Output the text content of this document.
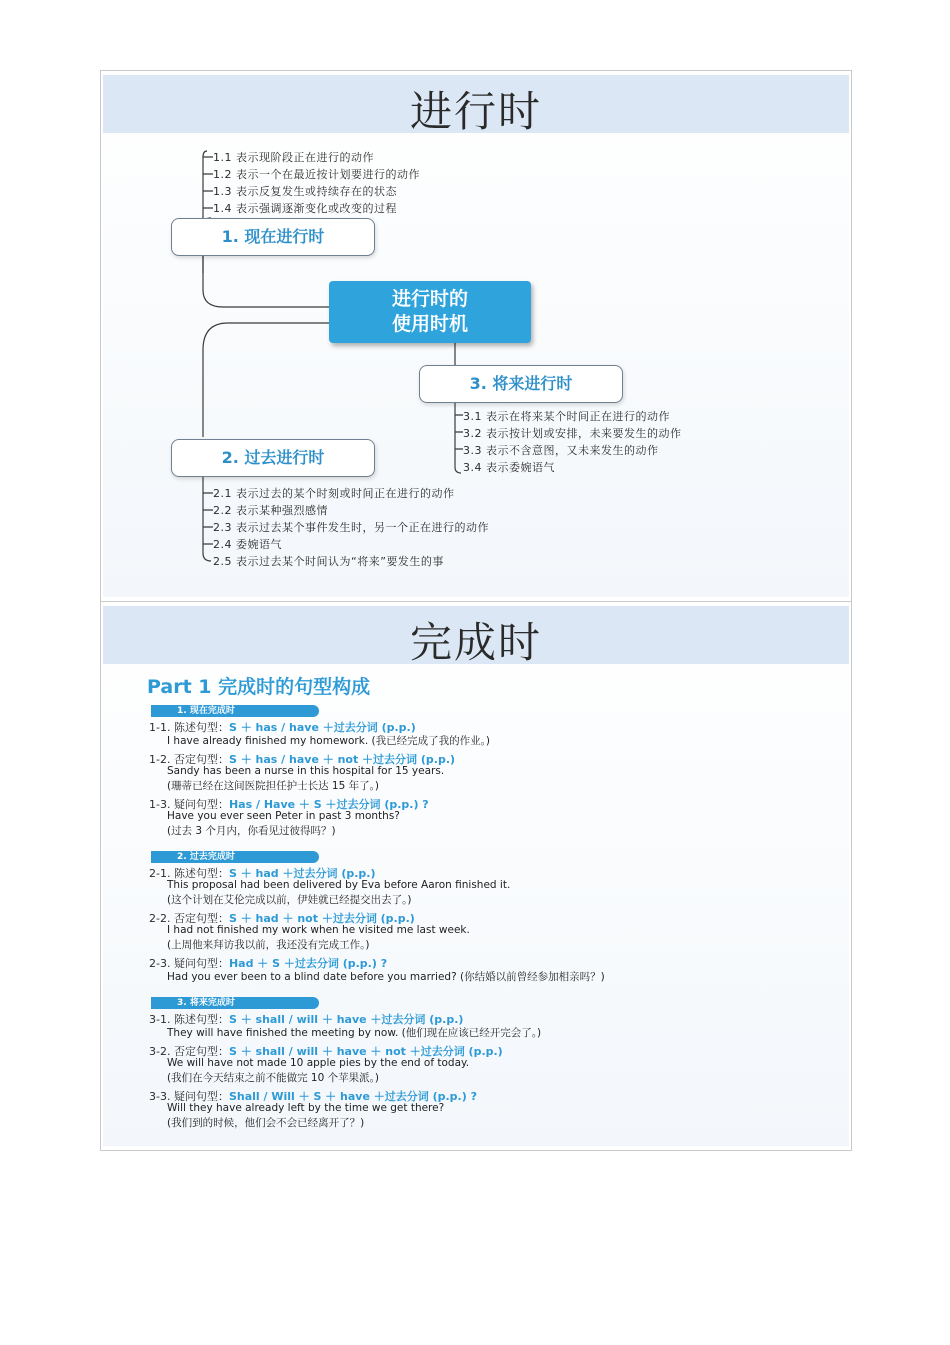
进行时
1.1 表示现阶段正在进行的动作
1.2 表示一个在最近按计划要进行的动作
1.3 表示反复发生或持续存在的状态
1.4 表示强调逐渐变化或改变的过程
1. 现在进行时
进行时的
使用时机
3. 将来进行时
3.1 表示在将来某个时间正在进行的动作
3.2 表示按计划或安排，未来要发生的动作
3.3 表示不含意图，又未来发生的动作
3.4 表示委婉语气
2. 过去进行时
2.1 表示过去的某个时刻或时间正在进行的动作
2.2 表示某种强烈感情
2.3 表示过去某个事件发生时，另一个正在进行的动作
2.4 委婉语气
2.5 表示过去某个时间认为“将来”要发生的事
完成时
Part 1 完成时的句型构成
1. 现在完成时
1-1. 陈述句型：S ＋ has / have ＋过去分词 (p.p.)
I have already finished my homework. (我已经完成了我的作业。)
1-2. 否定句型：S ＋ has / have ＋ not ＋过去分词 (p.p.)
Sandy has been a nurse in this hospital for 15 years.
(珊蒂已经在这间医院担任护士长达 15 年了。)
1-3. 疑问句型：Has / Have ＋ S ＋过去分词 (p.p.) ?
Have you ever seen Peter in past 3 months?
(过去 3 个月内，你看见过彼得吗？)
2. 过去完成时
2-1. 陈述句型：S ＋ had ＋过去分词 (p.p.)
This proposal had been delivered by Eva before Aaron finished it.
(这个计划在艾伦完成以前，伊娃就已经提交出去了。)
2-2. 否定句型：S ＋ had ＋ not ＋过去分词 (p.p.)
I had not finished my work when he visited me last week.
(上周他来拜访我以前，我还没有完成工作。)
2-3. 疑问句型：Had ＋ S ＋过去分词 (p.p.) ?
Had you ever been to a blind date before you married? (你结婚以前曾经参加相亲吗？)
3. 将来完成时
3-1. 陈述句型：S ＋ shall / will ＋ have ＋过去分词 (p.p.)
They will have finished the meeting by now. (他们现在应该已经开完会了。)
3-2. 否定句型：S ＋ shall / will ＋ have ＋ not ＋过去分词 (p.p.)
We will have not made 10 apple pies by the end of today.
(我们在今天结束之前不能做完 10 个苹果派。)
3-3. 疑问句型：Shall / Will ＋ S ＋ have ＋过去分词 (p.p.) ?
Will they have already left by the time we get there?
(我们到的时候，他们会不会已经离开了？)
